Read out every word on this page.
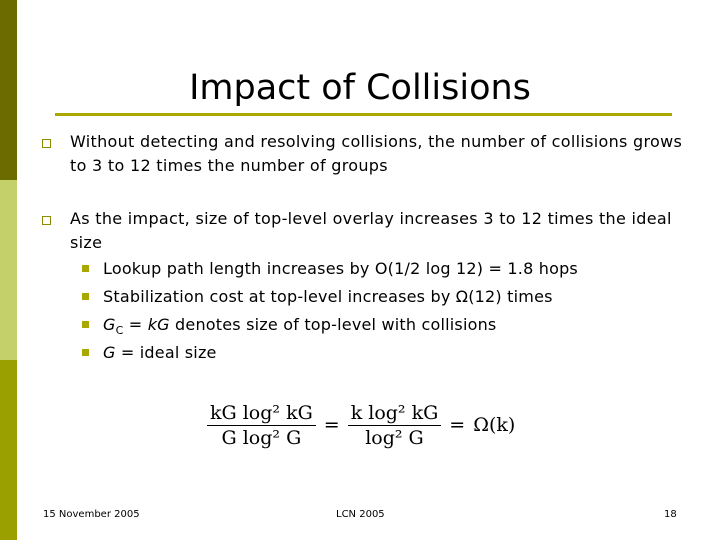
Impact of Collisions
Without detecting and resolving collisions, the number of collisions grows to 3 to 12 times the number of groups
As the impact, size of top-level overlay increases 3 to 12 times the ideal size
Lookup path length increases by O(1/2 log 12) = 1.8 hops
Stabilization cost at top-level increases by Ω(12) times
$G_C$ = kG denotes size of top-level with collisions
G = ideal size
$\frac{\text{kG log² kG}}{\text{G log² G}} = \frac{\text{k log² kG}}{\text{log² G}} = \Omega(k)$
15 November 2005	LCN 2005	18
